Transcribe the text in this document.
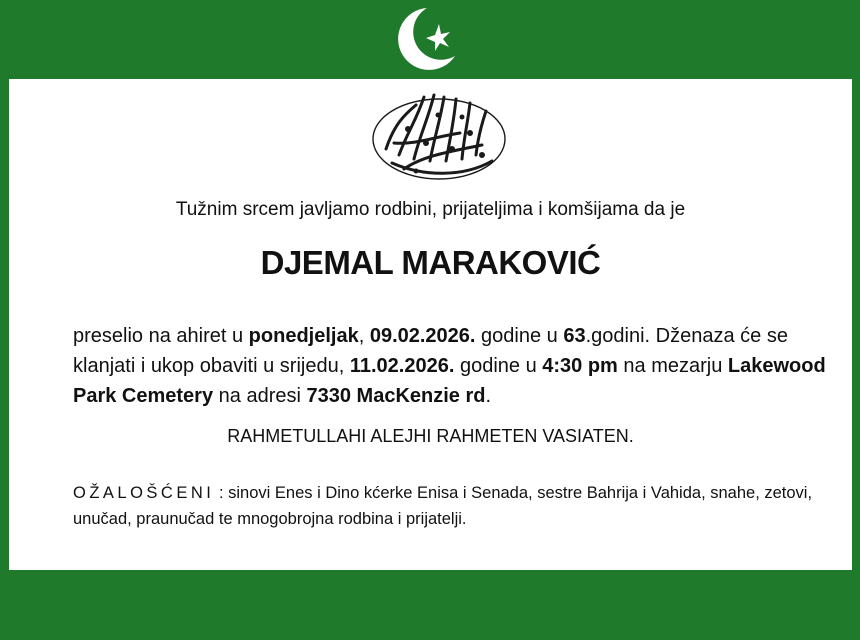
Tužnim srcem javljamo rodbini, prijateljima i komšijama da je
DJEMAL MARAKOVIĆ
preselio na ahiret u ponedjeljak, 09.02.2026. godine u 63.godini. Dženaza će se klanjati i ukop obaviti u srijedu, 11.02.2026. godine u 4:30 pm na mezarju Lakewood Park Cemetery na adresi 7330 MacKenzie rd.
RAHMETULLAHI ALEJHI RAHMETEN VASIATEN.
OŽALOŠĆENI : sinovi Enes i Dino kćerke Enisa i Senada, sestre Bahrija i Vahida, snahe, zetovi, unučad, praunučad te mnogobrojna rodbina i prijatelji.
